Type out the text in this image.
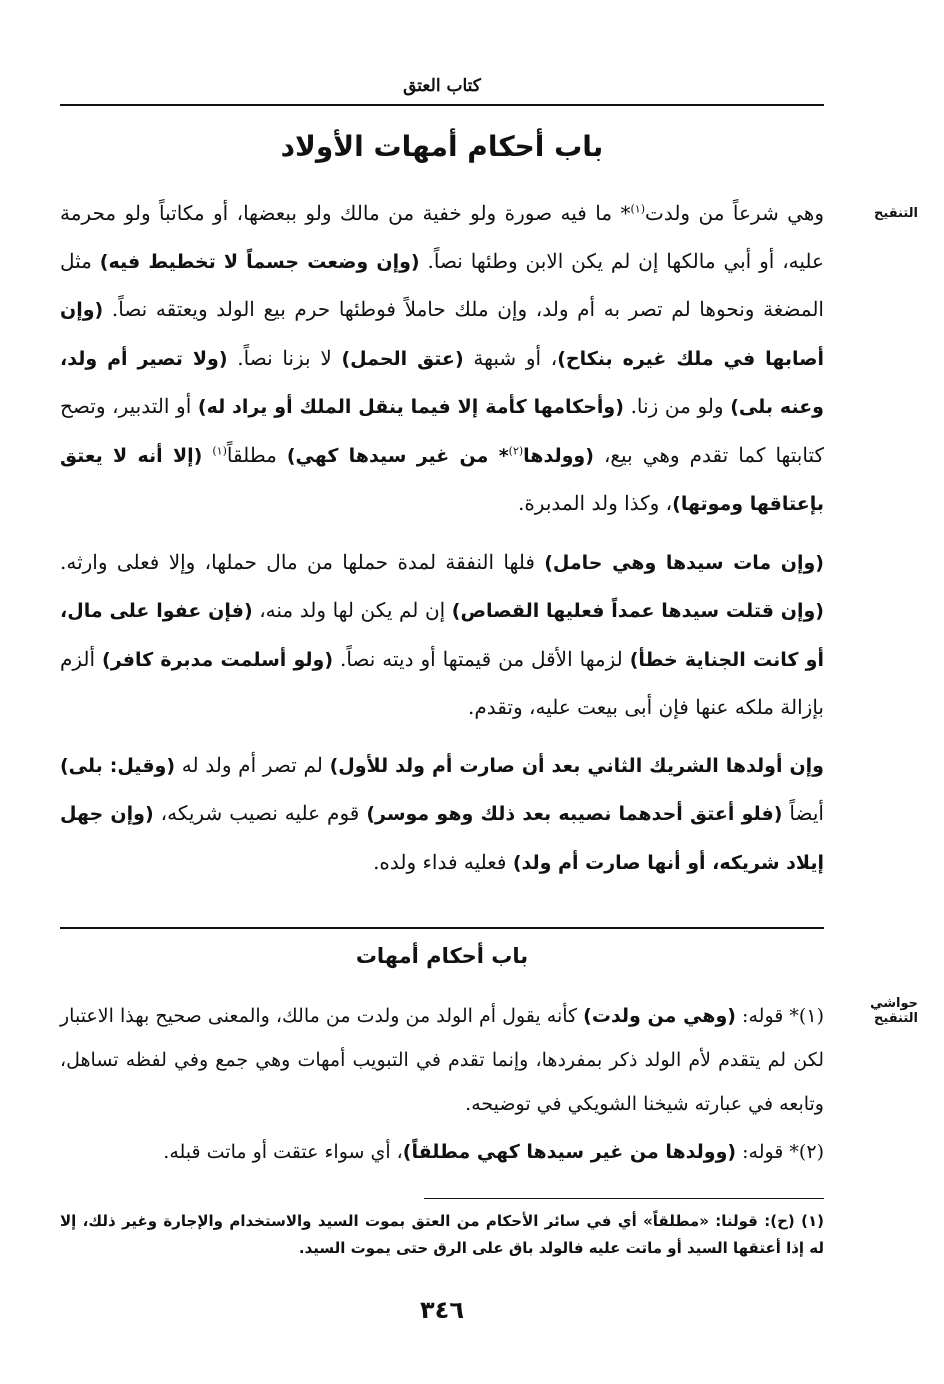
كتاب العتق
باب أحكام أمهات الأولاد
التنقيح

وهي شرعاً من ولدت$^{(١)}$* ما فيه صورة ولو خفية من مالك ولو ببعضها، أو مكاتباً ولو محرمة عليه، أو أبي مالكها إن لم يكن الابن وطئها نصاً. (وإن وضعت جسماً لا تخطيط فيه) مثل المضغة ونحوها لم تصر به أم ولد، وإن ملك حاملاً فوطئها حرم بيع الولد ويعتقه نصاً. (وإن أصابها في ملك غيره بنكاح)، أو شبهة (عتق الحمل) لا بزنا نصاً. (ولا تصير أم ولد، وعنه بلى) ولو من زنا. (وأحكامها كأمة إلا فيما ينقل الملك أو يراد له) أو التدبير، وتصح كتابتها كما تقدم وهي بيع، (وولدها$^{(٢)}$* من غير سيدها كهي) مطلقاً$^{(١)}$ (إلا أنه لا يعتق بإعتاقها وموتها)، وكذا ولد المدبرة.

(وإن مات سيدها وهي حامل) فلها النفقة لمدة حملها من مال حملها، وإلا فعلى وارثه. (وإن قتلت سيدها عمداً فعليها القصاص) إن لم يكن لها ولد منه، (فإن عفوا على مال، أو كانت الجناية خطأ) لزمها الأقل من قيمتها أو ديته نصاً. (ولو أسلمت مدبرة كافر) ألزم بإزالة ملكه عنها فإن أبى بيعت عليه، وتقدم.

وإن أولدها الشريك الثاني بعد أن صارت أم ولد للأول) لم تصر أم ولد له (وقيل: بلى) أيضاً (فلو أعتق أحدهما نصيبه بعد ذلك وهو موسر) قوم عليه نصيب شريكه، (وإن جهل إيلاد شريكه، أو أنها صارت أم ولد) فعليه فداء ولده.

باب أحكام أمهات
حواشي التنقيح

(١)* قوله: (وهي من ولدت) كأنه يقول أم الولد من ولدت من مالك، والمعنى صحيح بهذا الاعتبار لكن لم يتقدم لأم الولد ذكر بمفردها، وإنما تقدم في التبويب أمهات وهي جمع وفي لفظه تساهل، وتابعه في عبارته شيخنا الشويكي في توضيحه.

(٢)* قوله: (وولدها من غير سيدها كهي مطلقاً)، أي سواء عتقت أو ماتت قبله.

(١) (ح): قولنا: «مطلقاً» أي في سائر الأحكام من العتق بموت السيد والاستخدام والإجارة وغير ذلك، إلا له إذا أعتقها السيد أو ماتت عليه فالولد باق على الرق حتى يموت السيد.
٣٤٦
